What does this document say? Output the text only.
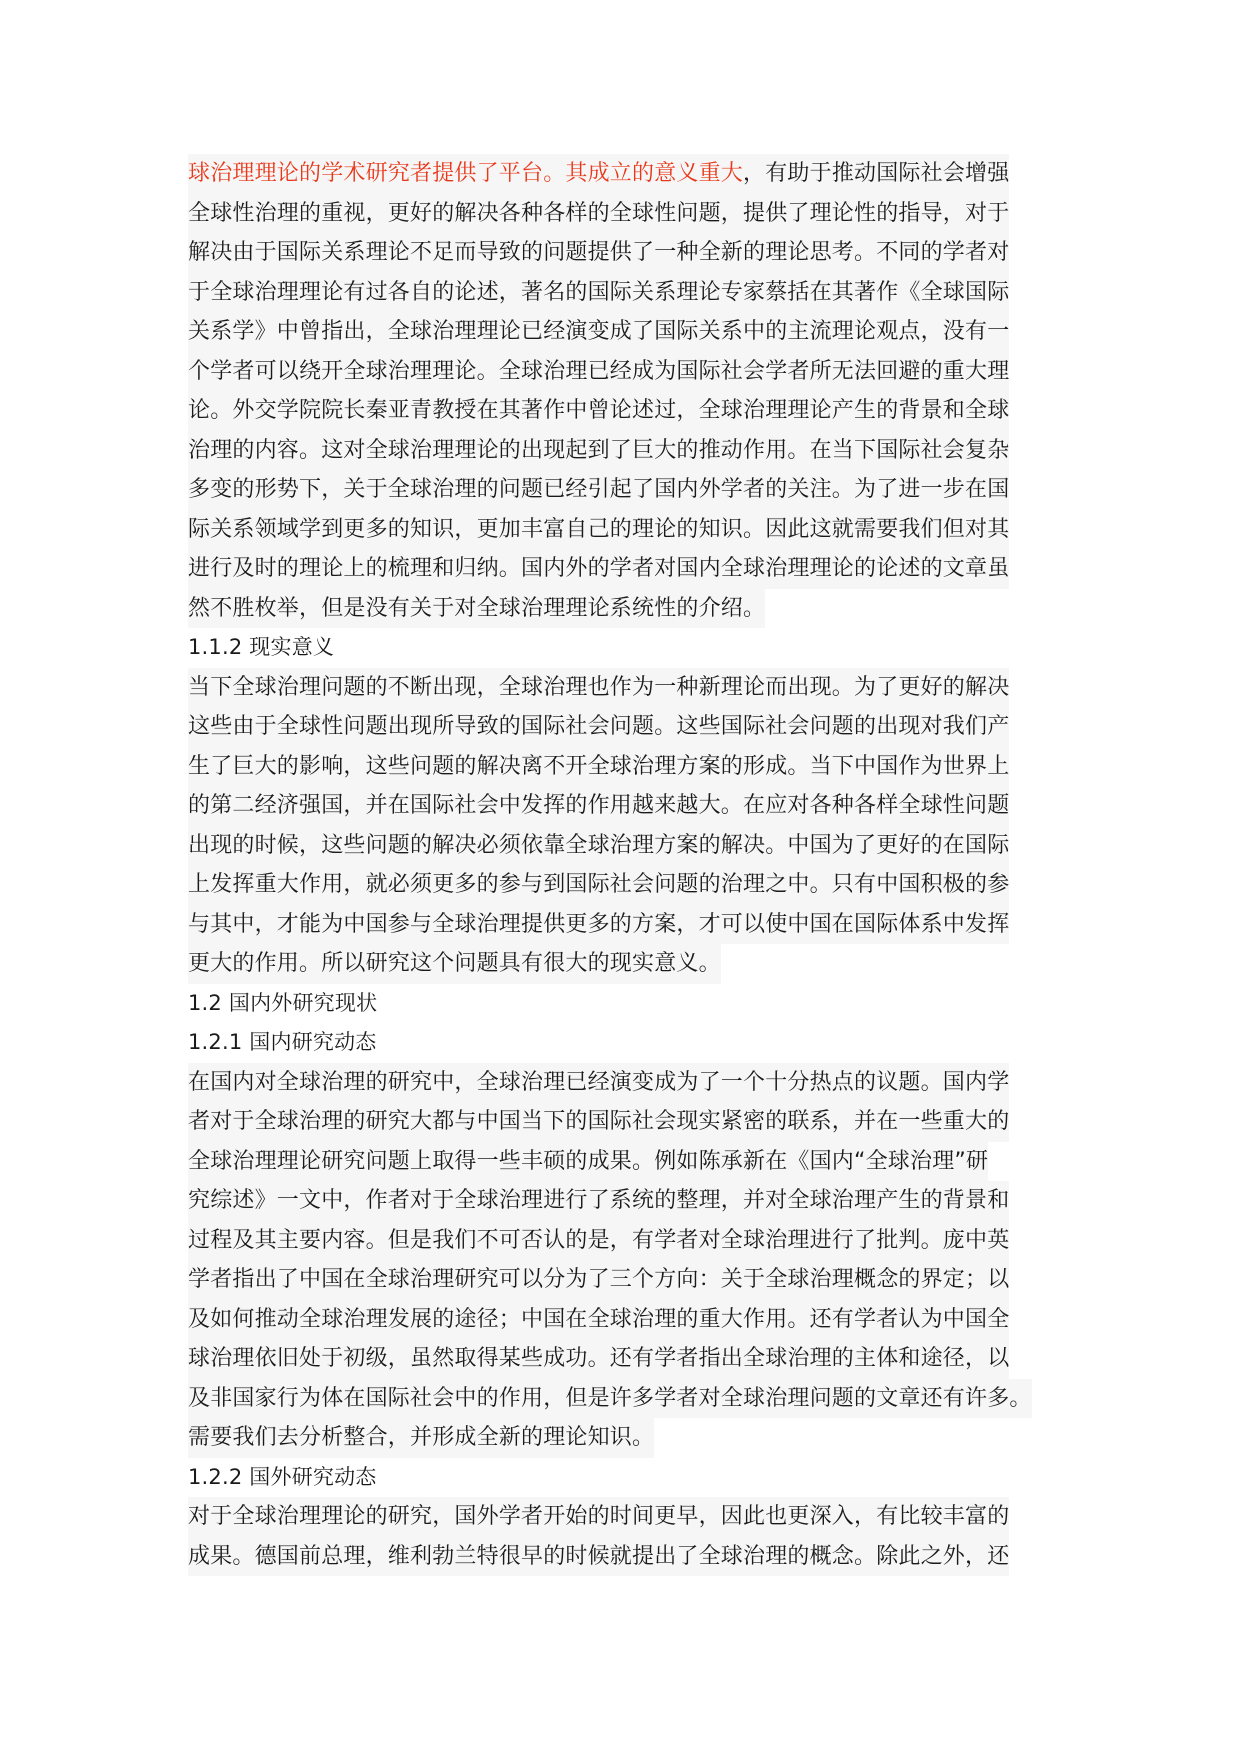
球治理理论的学术研究者提供了平台。其成立的意义重大，有助于推动国际社会增强
全球性治理的重视，更好的解决各种各样的全球性问题，提供了理论性的指导，对于
解决由于国际关系理论不足而导致的问题提供了一种全新的理论思考。不同的学者对
于全球治理理论有过各自的论述，著名的国际关系理论专家蔡括在其著作《全球国际
关系学》中曾指出，全球治理理论已经演变成了国际关系中的主流理论观点，没有一
个学者可以绕开全球治理理论。全球治理已经成为国际社会学者所无法回避的重大理
论。外交学院院长秦亚青教授在其著作中曾论述过，全球治理理论产生的背景和全球
治理的内容。这对全球治理理论的出现起到了巨大的推动作用。在当下国际社会复杂
多变的形势下，关于全球治理的问题已经引起了国内外学者的关注。为了进一步在国
际关系领域学到更多的知识，更加丰富自己的理论的知识。因此这就需要我们但对其
进行及时的理论上的梳理和归纳。国内外的学者对国内全球治理理论的论述的文章虽
然不胜枚举，但是没有关于对全球治理理论系统性的介绍。
1.1.2 现实意义
当下全球治理问题的不断出现，全球治理也作为一种新理论而出现。为了更好的解决
这些由于全球性问题出现所导致的国际社会问题。这些国际社会问题的出现对我们产
生了巨大的影响，这些问题的解决离不开全球治理方案的形成。当下中国作为世界上
的第二经济强国，并在国际社会中发挥的作用越来越大。在应对各种各样全球性问题
出现的时候，这些问题的解决必须依靠全球治理方案的解决。中国为了更好的在国际
上发挥重大作用，就必须更多的参与到国际社会问题的治理之中。只有中国积极的参
与其中，才能为中国参与全球治理提供更多的方案，才可以使中国在国际体系中发挥
更大的作用。所以研究这个问题具有很大的现实意义。
1.2 国内外研究现状
1.2.1 国内研究动态
在国内对全球治理的研究中，全球治理已经演变成为了一个十分热点的议题。国内学
者对于全球治理的研究大都与中国当下的国际社会现实紧密的联系，并在一些重大的
全球治理理论研究问题上取得一些丰硕的成果。例如陈承新在《国内“全球治理”研
究综述》一文中，作者对于全球治理进行了系统的整理，并对全球治理产生的背景和
过程及其主要内容。但是我们不可否认的是，有学者对全球治理进行了批判。庞中英
学者指出了中国在全球治理研究可以分为了三个方向：关于全球治理概念的界定；以
及如何推动全球治理发展的途径；中国在全球治理的重大作用。还有学者认为中国全
球治理依旧处于初级，虽然取得某些成功。还有学者指出全球治理的主体和途径，以
及非国家行为体在国际社会中的作用，但是许多学者对全球治理问题的文章还有许多。
需要我们去分析整合，并形成全新的理论知识。
1.2.2 国外研究动态
对于全球治理理论的研究，国外学者开始的时间更早，因此也更深入，有比较丰富的
成果。德国前总理，维利勃兰特很早的时候就提出了全球治理的概念。除此之外，还
